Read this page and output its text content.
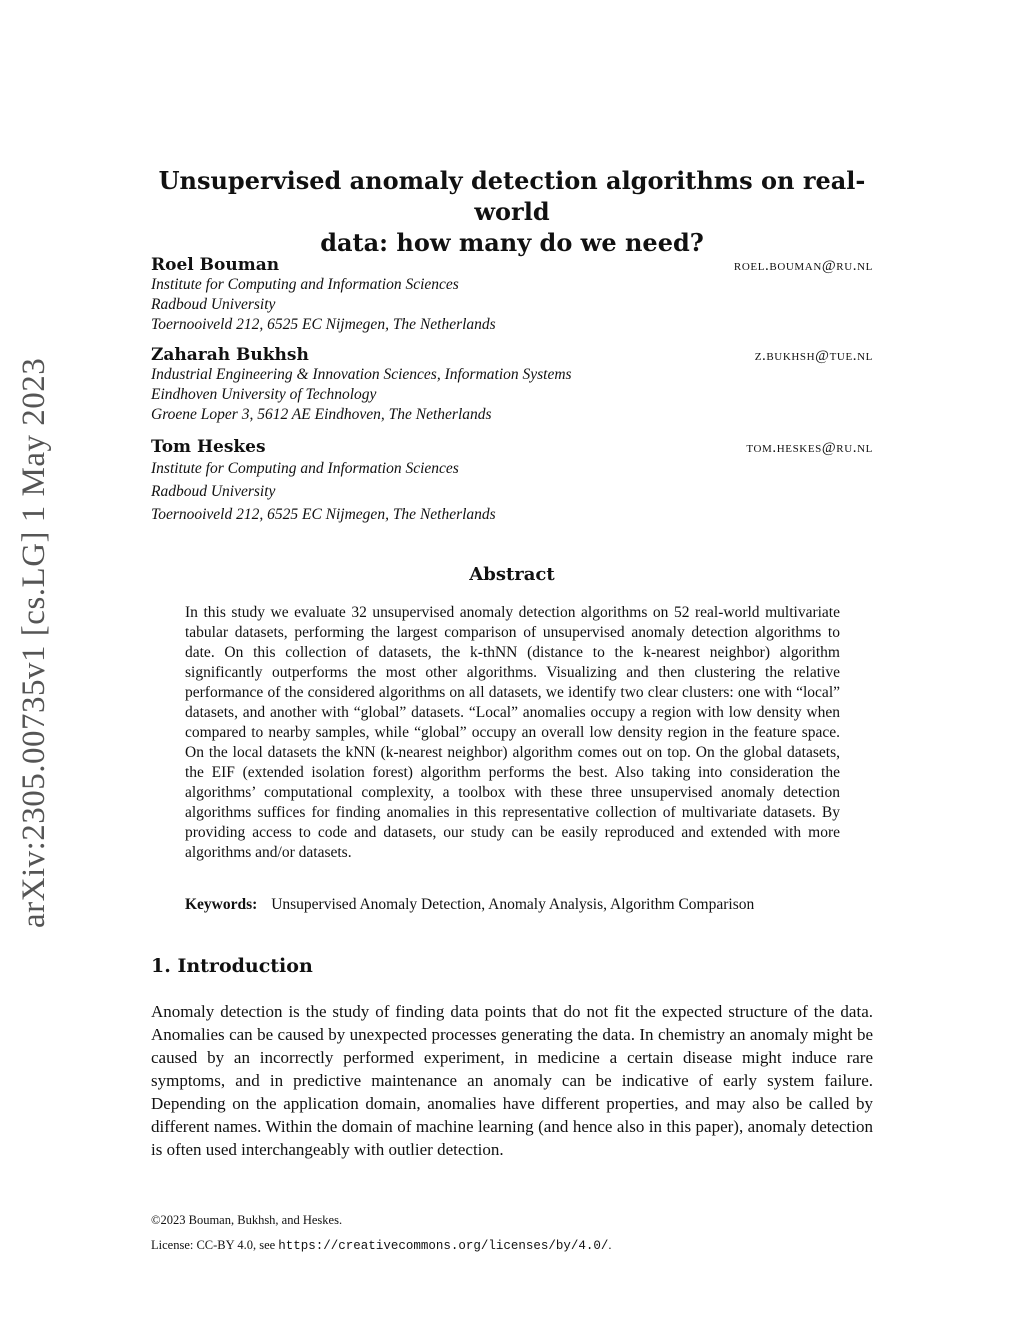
arXiv:2305.00735v1 [cs.LG] 1 May 2023
Unsupervised anomaly detection algorithms on real-world
data: how many do we need?
Roel Bouman	roel.bouman@ru.nl
Institute for Computing and Information Sciences
Radboud University
Toernooiveld 212, 6525 EC Nijmegen, The Netherlands
Zaharah Bukhsh	z.bukhsh@tue.nl
Industrial Engineering & Innovation Sciences, Information Systems
Eindhoven University of Technology
Groene Loper 3, 5612 AE Eindhoven, The Netherlands
Tom Heskes	tom.heskes@ru.nl
Institute for Computing and Information Sciences
Radboud University
Toernooiveld 212, 6525 EC Nijmegen, The Netherlands
Abstract

In this study we evaluate 32 unsupervised anomaly detection algorithms on 52 real-world multivariate tabular datasets, performing the largest comparison of unsupervised anomaly detection algorithms to date. On this collection of datasets, the k-thNN (distance to the k-nearest neighbor) algorithm significantly outperforms the most other algorithms. Visualizing and then clustering the relative performance of the considered algorithms on all datasets, we identify two clear clusters: one with “local” datasets, and another with “global” datasets. “Local” anomalies occupy a region with low density when compared to nearby samples, while “global” occupy an overall low density region in the feature space. On the local datasets the kNN (k-nearest neighbor) algorithm comes out on top. On the global datasets, the EIF (extended isolation forest) algorithm performs the best. Also taking into consideration the algorithms’ computational complexity, a toolbox with these three unsupervised anomaly detection algorithms suffices for finding anomalies in this representative collection of multivariate datasets. By providing access to code and datasets, our study can be easily reproduced and extended with more algorithms and/or datasets.

Keywords: Unsupervised Anomaly Detection, Anomaly Analysis, Algorithm Comparison
1. Introduction

Anomaly detection is the study of finding data points that do not fit the expected structure of the data. Anomalies can be caused by unexpected processes generating the data. In chemistry an anomaly might be caused by an incorrectly performed experiment, in medicine a certain disease might induce rare symptoms, and in predictive maintenance an anomaly can be indicative of early system failure. Depending on the application domain, anomalies have different properties, and may also be called by different names. Within the domain of machine learning (and hence also in this paper), anomaly detection is often used interchangeably with outlier detection.

©2023 Bouman, Bukhsh, and Heskes.
License: CC-BY 4.0, see https://creativecommons.org/licenses/by/4.0/.
